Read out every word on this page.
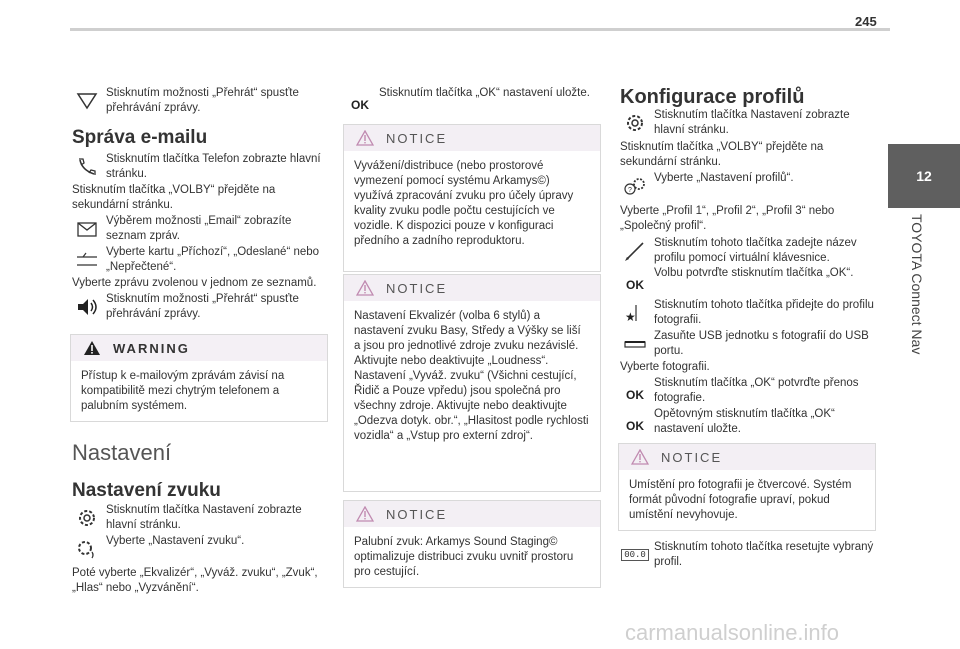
245
12
TOYOTA Connect Nav
Stisknutím možnosti „Přehrát“ spusťte přehrávání zprávy.
Správa e-mailu
Stisknutím tlačítka Telefon zobrazte hlavní stránku.
Stisknutím tlačítka „VOLBY“ přejděte na sekundární stránku.
Výběrem možnosti „Email“ zobrazíte seznam zpráv.
Vyberte kartu „Příchozí“, „Odeslané“ nebo „Nepřečtené“.
Vyberte zprávu zvolenou v jednom ze seznamů.
Stisknutím možnosti „Přehrát“ spusťte přehrávání zprávy.
WARNING
Přístup k e-mailovým zprávám závisí na kompatibilitě mezi chytrým telefonem a palubním systémem.
Nastavení
Nastavení zvuku
Stisknutím tlačítka Nastavení zobrazte hlavní stránku.
Vyberte „Nastavení zvuku“.
Poté vyberte „Ekvalizér“, „Vyváž. zvuku“, „Zvuk“, „Hlas“ nebo „Vyzvánění“.
OK
Stisknutím tlačítka „OK“ nastavení uložte.
NOTICE
Vyvážení/distribuce (nebo prostorové vymezení pomocí systému Arkamys©) využívá zpracování zvuku pro účely úpravy kvality zvuku podle počtu cestujících ve vozidle. K dispozici pouze v konfiguraci předního a zadního reproduktoru.
NOTICE
Nastavení Ekvalizér (volba 6 stylů) a nastavení zvuku Basy, Středy a Výšky se liší a jsou pro jednotlivé zdroje zvuku nezávislé. Aktivujte nebo deaktivujte „Loudness“. Nastavení „Vyváž. zvuku“ (Všichni cestující, Řidič a Pouze vpředu) jsou společná pro všechny zdroje. Aktivujte nebo deaktivujte „Odezva dotyk. obr.“, „Hlasitost podle rychlosti vozidla“ a „Vstup pro externí zdroj“.
NOTICE
Palubní zvuk: Arkamys Sound Staging© optimalizuje distribuci zvuku uvnitř prostoru pro cestující.
Konfigurace profilů
Stisknutím tlačítka Nastavení zobrazte hlavní stránku.
Stisknutím tlačítka „VOLBY“ přejděte na sekundární stránku.
?
Vyberte „Nastavení profilů“.
Vyberte „Profil 1“, „Profil 2“, „Profil 3“ nebo „Společný profil“.
Stisknutím tohoto tlačítka zadejte název profilu pomocí virtuální klávesnice.
OK
Volbu potvrďte stisknutím tlačítka „OK“.
★
Stisknutím tohoto tlačítka přidejte do profilu fotografii.
Zasuňte USB jednotku s fotografií do USB portu.
Vyberte fotografii.
OK
Stisknutím tlačítka „OK“ potvrďte přenos fotografie.
OK
Opětovným stisknutím tlačítka „OK“ nastavení uložte.
NOTICE
Umístění pro fotografii je čtvercové. Systém formát původní fotografie upraví, pokud umístění nevyhovuje.
00.0
Stisknutím tohoto tlačítka resetujte vybraný profil.
carmanualsonline.info
